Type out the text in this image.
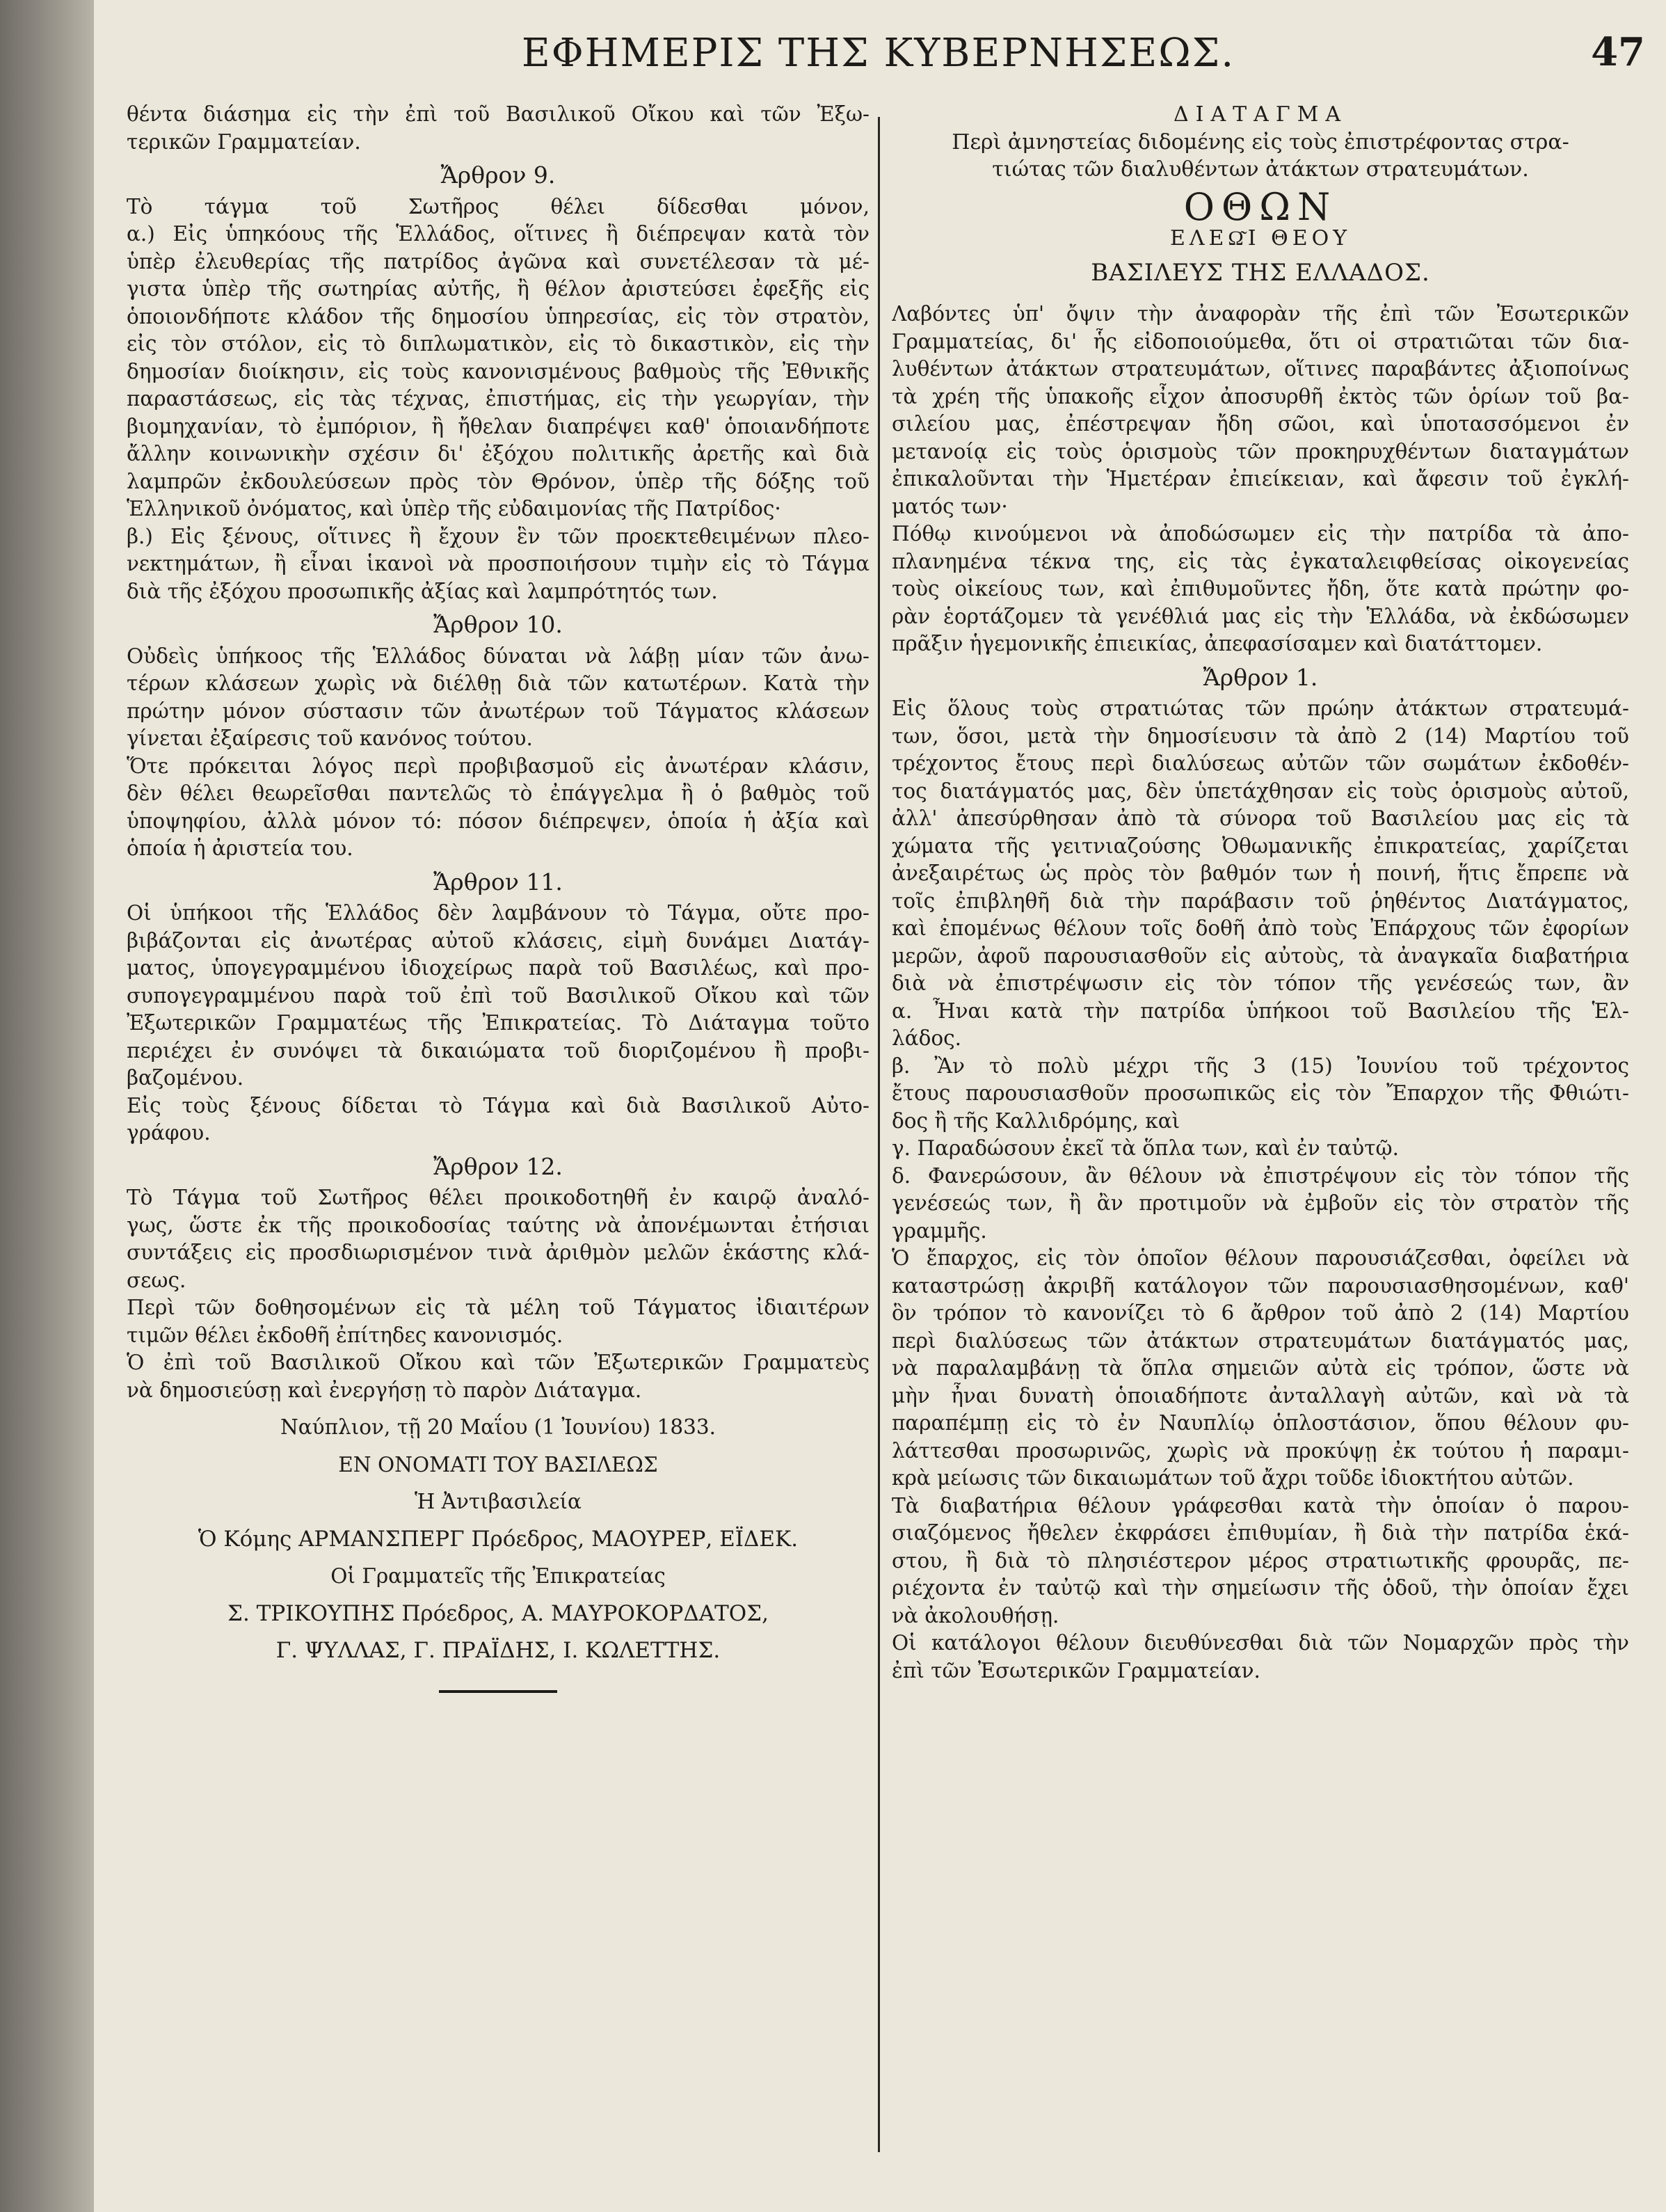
ΕΦΗΜΕΡΙΣ ΤΗΣ ΚΥΒΕΡΝΗΣΕΩΣ.	47
θέντα διάσημα εἰς τὴν ἐπὶ τοῦ Βασιλικοῦ Οἴκου καὶ τῶν Ἐξω-
τερικῶν Γραμματείαν.
Ἄρθρον 9.
Τὸ τάγμα τοῦ Σωτῆρος θέλει δίδεσθαι μόνον,
α.) Εἰς ὑπηκόους τῆς Ἑλλάδος, οἵτινες ἢ διέπρεψαν κατὰ τὸν
ὑπὲρ ἐλευθερίας τῆς πατρίδος ἀγῶνα καὶ συνετέλεσαν τὰ μέ-
γιστα ὑπὲρ τῆς σωτηρίας αὐτῆς, ἢ θέλον ἀριστεύσει ἐφεξῆς εἰς
ὁποιονδήποτε κλάδον τῆς δημοσίου ὑπηρεσίας, εἰς τὸν στρατὸν,
εἰς τὸν στόλον, εἰς τὸ διπλωματικὸν, εἰς τὸ δικαστικὸν, εἰς τὴν
δημοσίαν διοίκησιν, εἰς τοὺς κανονισμένους βαθμοὺς τῆς Ἐθνικῆς
παραστάσεως, εἰς τὰς τέχνας, ἐπιστήμας, εἰς τὴν γεωργίαν, τὴν
βιομηχανίαν, τὸ ἐμπόριον, ἢ ἤθελαν διαπρέψει καθ' ὁποιανδήποτε
ἄλλην κοινωνικὴν σχέσιν δι' ἐξόχου πολιτικῆς ἀρετῆς καὶ διὰ
λαμπρῶν ἐκδουλεύσεων πρὸς τὸν Θρόνον, ὑπὲρ τῆς δόξης τοῦ
Ἑλληνικοῦ ὀνόματος, καὶ ὑπὲρ τῆς εὐδαιμονίας τῆς Πατρίδος·
β.) Εἰς ξένους, οἵτινες ἢ ἔχουν ἓν τῶν προεκτεθειμένων πλεο-
νεκτημάτων, ἢ εἶναι ἱκανοὶ νὰ προσποιήσουν τιμὴν εἰς τὸ Τάγμα
διὰ τῆς ἐξόχου προσωπικῆς ἀξίας καὶ λαμπρότητός των.
Ἄρθρον 10.
Οὐδεὶς ὑπήκοος τῆς Ἑλλάδος δύναται νὰ λάβῃ μίαν τῶν ἀνω-
τέρων κλάσεων χωρὶς νὰ διέλθῃ διὰ τῶν κατωτέρων. Κατὰ τὴν
πρώτην μόνον σύστασιν τῶν ἀνωτέρων τοῦ Τάγματος κλάσεων
γίνεται ἐξαίρεσις τοῦ κανόνος τούτου.
Ὅτε πρόκειται λόγος περὶ προβιβασμοῦ εἰς ἀνωτέραν κλάσιν,
δὲν θέλει θεωρεῖσθαι παντελῶς τὸ ἐπάγγελμα ἢ ὁ βαθμὸς τοῦ
ὑποψηφίου, ἀλλὰ μόνον τό: πόσον διέπρεψεν, ὁποία ἡ ἀξία καὶ
ὁποία ἡ ἀριστεία του.
Ἄρθρον 11.
Οἱ ὑπήκοοι τῆς Ἑλλάδος δὲν λαμβάνουν τὸ Τάγμα, οὔτε προ-
βιβάζονται εἰς ἀνωτέρας αὐτοῦ κλάσεις, εἰμὴ δυνάμει Διατάγ-
ματος, ὑπογεγραμμένου ἰδιοχείρως παρὰ τοῦ Βασιλέως, καὶ προ-
συπογεγραμμένου παρὰ τοῦ ἐπὶ τοῦ Βασιλικοῦ Οἴκου καὶ τῶν
Ἐξωτερικῶν Γραμματέως τῆς Ἐπικρατείας. Τὸ Διάταγμα τοῦτο
περιέχει ἐν συνόψει τὰ δικαιώματα τοῦ διοριζομένου ἢ προβι-
βαζομένου.
Εἰς τοὺς ξένους δίδεται τὸ Τάγμα καὶ διὰ Βασιλικοῦ Αὐτο-
γράφου.
Ἄρθρον 12.
Τὸ Τάγμα τοῦ Σωτῆρος θέλει προικοδοτηθῆ ἐν καιρῷ ἀναλό-
γως, ὥστε ἐκ τῆς προικοδοσίας ταύτης νὰ ἀπονέμωνται ἐτήσιαι
συντάξεις εἰς προσδιωρισμένον τινὰ ἀριθμὸν μελῶν ἑκάστης κλά-
σεως.
Περὶ τῶν δοθησομένων εἰς τὰ μέλη τοῦ Τάγματος ἰδιαιτέρων
τιμῶν θέλει ἐκδοθῆ ἐπίτηδες κανονισμός.
Ὁ ἐπὶ τοῦ Βασιλικοῦ Οἴκου καὶ τῶν Ἐξωτερικῶν Γραμματεὺς
νὰ δημοσιεύσῃ καὶ ἐνεργήσῃ τὸ παρὸν Διάταγμα.

Ναύπλιον, τῇ 20 Μαΐου (1 Ἰουνίου) 1833.

ΕΝ ΟΝΟΜΑΤΙ ΤΟΥ ΒΑΣΙΛΕΩΣ

Ἡ Ἀντιβασιλεία

Ὁ Κόμης ΑΡΜΑΝΣΠΕΡΓ Πρόεδρος, ΜΑΟΥΡΕΡ, ΕΪΔΕΚ.

Οἱ Γραμματεῖς τῆς Ἐπικρατείας

Σ. ΤΡΙΚΟΥΠΗΣ Πρόεδρος, Α. ΜΑΥΡΟΚΟΡΔΑΤΟΣ,

Γ. ΨΥΛΛΑΣ, Γ. ΠΡΑΪΔΗΣ, Ι. ΚΩΛΕΤΤΗΣ.

ΔΙΑΤΑΓΜΑ
Περὶ ἀμνηστείας διδομένης εἰς τοὺς ἐπιστρέφοντας στρα-
τιώτας τῶν διαλυθέντων ἀτάκτων στρατευμάτων.
ΟΘΩΝ
ΕΛΕΩ͂Ι ΘΕΟΥ
ΒΑΣΙΛΕΥΣ ΤΗΣ ΕΛΛΑΔΟΣ.
Λαβόντες ὑπ' ὄψιν τὴν ἀναφορὰν τῆς ἐπὶ τῶν Ἐσωτερικῶν
Γραμματείας, δι' ἧς εἰδοποιούμεθα, ὅτι οἱ στρατιῶται τῶν δια-
λυθέντων ἀτάκτων στρατευμάτων, οἵτινες παραβάντες ἀξιοποίνως
τὰ χρέη τῆς ὑπακοῆς εἶχον ἀποσυρθῆ ἐκτὸς τῶν ὁρίων τοῦ βα-
σιλείου μας, ἐπέστρεψαν ἤδη σῶοι, καὶ ὑποτασσόμενοι ἐν
μετανοίᾳ εἰς τοὺς ὁρισμοὺς τῶν προκηρυχθέντων διαταγμάτων
ἐπικαλοῦνται τὴν Ἡμετέραν ἐπιείκειαν, καὶ ἄφεσιν τοῦ ἐγκλή-
ματός των·
Πόθῳ κινούμενοι νὰ ἀποδώσωμεν εἰς τὴν πατρίδα τὰ ἀπο-
πλανημένα τέκνα της, εἰς τὰς ἐγκαταλειφθείσας οἰκογενείας
τοὺς οἰκείους των, καὶ ἐπιθυμοῦντες ἤδη, ὅτε κατὰ πρώτην φο-
ρὰν ἑορτάζομεν τὰ γενέθλιά μας εἰς τὴν Ἑλλάδα, νὰ ἐκδώσωμεν
πρᾶξιν ἡγεμονικῆς ἐπιεικίας, ἀπεφασίσαμεν καὶ διατάττομεν.
Ἄρθρον 1.
Εἰς ὅλους τοὺς στρατιώτας τῶν πρώην ἀτάκτων στρατευμά-
των, ὅσοι, μετὰ τὴν δημοσίευσιν τὰ ἀπὸ 2 (14) Μαρτίου τοῦ
τρέχοντος ἔτους περὶ διαλύσεως αὐτῶν τῶν σωμάτων ἐκδοθέν-
τος διατάγματός μας, δὲν ὑπετάχθησαν εἰς τοὺς ὁρισμοὺς αὐτοῦ,
ἀλλ' ἀπεσύρθησαν ἀπὸ τὰ σύνορα τοῦ Βασιλείου μας εἰς τὰ
χώματα τῆς γειτνιαζούσης Ὀθωμανικῆς ἐπικρατείας, χαρίζεται
ἀνεξαιρέτως ὡς πρὸς τὸν βαθμόν των ἡ ποινή, ἥτις ἔπρεπε νὰ
τοῖς ἐπιβληθῆ διὰ τὴν παράβασιν τοῦ ῥηθέντος Διατάγματος,
καὶ ἐπομένως θέλουν τοῖς δοθῆ ἀπὸ τοὺς Ἐπάρχους τῶν ἐφορίων
μερῶν, ἀφοῦ παρουσιασθοῦν εἰς αὐτοὺς, τὰ ἀναγκαῖα διαβατήρια
διὰ νὰ ἐπιστρέψωσιν εἰς τὸν τόπον τῆς γενέσεώς των, ἂν
α. Ἦναι κατὰ τὴν πατρίδα ὑπήκοοι τοῦ Βασιλείου τῆς Ἑλ-
λάδος.
β. Ἂν τὸ πολὺ μέχρι τῆς 3 (15) Ἰουνίου τοῦ τρέχοντος
ἔτους παρουσιασθοῦν προσωπικῶς εἰς τὸν Ἔπαρχον τῆς Φθιώτι-
δος ἢ τῆς Καλλιδρόμης, καὶ
γ. Παραδώσουν ἐκεῖ τὰ ὅπλα των, καὶ ἐν ταὐτῷ.
δ. Φανερώσουν, ἂν θέλουν νὰ ἐπιστρέψουν εἰς τὸν τόπον τῆς
γενέσεώς των, ἢ ἂν προτιμοῦν νὰ ἐμβοῦν εἰς τὸν στρατὸν τῆς
γραμμῆς.
Ὁ ἔπαρχος, εἰς τὸν ὁποῖον θέλουν παρουσιάζεσθαι, ὀφείλει νὰ
καταστρώσῃ ἀκριβῆ κατάλογον τῶν παρουσιασθησομένων, καθ'
ὃν τρόπον τὸ κανονίζει τὸ 6 ἄρθρον τοῦ ἀπὸ 2 (14) Μαρτίου
περὶ διαλύσεως τῶν ἀτάκτων στρατευμάτων διατάγματός μας,
νὰ παραλαμβάνῃ τὰ ὅπλα σημειῶν αὐτὰ εἰς τρόπον, ὥστε νὰ
μὴν ἦναι δυνατὴ ὁποιαδήποτε ἀνταλλαγὴ αὐτῶν, καὶ νὰ τὰ
παραπέμπῃ εἰς τὸ ἐν Ναυπλίῳ ὁπλοστάσιον, ὅπου θέλουν φυ-
λάττεσθαι προσωρινῶς, χωρὶς νὰ προκύψῃ ἐκ τούτου ἡ παραμι-
κρὰ μείωσις τῶν δικαιωμάτων τοῦ ἄχρι τοῦδε ἰδιοκτήτου αὐτῶν.
Τὰ διαβατήρια θέλουν γράφεσθαι κατὰ τὴν ὁποίαν ὁ παρου-
σιαζόμενος ἤθελεν ἐκφράσει ἐπιθυμίαν, ἢ διὰ τὴν πατρίδα ἑκά-
στου, ἢ διὰ τὸ πλησιέστερον μέρος στρατιωτικῆς φρουρᾶς, πε-
ριέχοντα ἐν ταὐτῷ καὶ τὴν σημείωσιν τῆς ὁδοῦ, τὴν ὁποίαν ἔχει
νὰ ἀκολουθήσῃ.
Οἱ κατάλογοι θέλουν διευθύνεσθαι διὰ τῶν Νομαρχῶν πρὸς τὴν
ἐπὶ τῶν Ἐσωτερικῶν Γραμματείαν.
